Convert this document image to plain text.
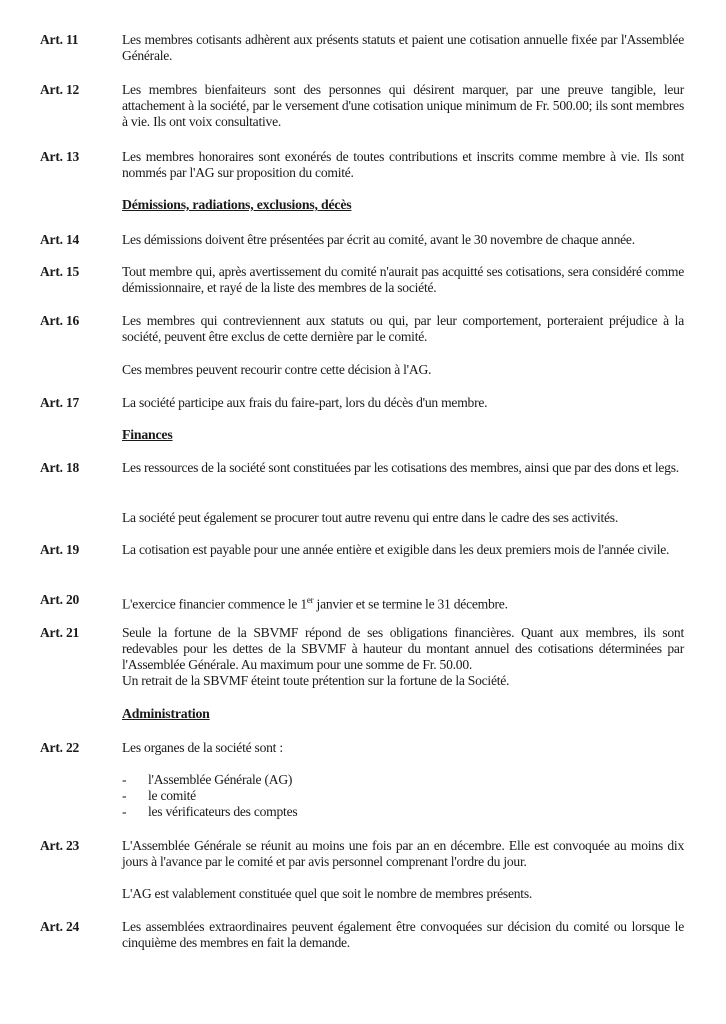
Art. 11	Les membres cotisants adhèrent aux présents statuts et paient une cotisation annuelle fixée par l'Assemblée Générale.
Art. 12	Les membres bienfaiteurs sont des personnes qui désirent marquer, par une preuve tangible, leur attachement à la société, par le versement d'une cotisation unique minimum de Fr. 500.00; ils sont membres à vie. Ils ont voix consultative.
Art. 13	Les membres honoraires sont exonérés de toutes contributions et inscrits comme membre à vie. Ils sont nommés par l'AG sur proposition du comité.
Démissions, radiations, exclusions, décès
Art. 14	Les démissions doivent être présentées par écrit au comité, avant le 30 novembre de chaque année.
Art. 15	Tout membre qui, après avertissement du comité n'aurait pas acquitté ses cotisations, sera considéré comme démissionnaire, et rayé de la liste des membres de la société.
Art. 16	Les membres qui contreviennent aux statuts ou qui, par leur comportement, porteraient préjudice à la société, peuvent être exclus de cette dernière par le comité.
Ces membres peuvent recourir contre cette décision à l'AG.
Art. 17	La société participe aux frais du faire-part, lors du décès d'un membre.
Finances
Art. 18	Les ressources de la société sont constituées par les cotisations des membres, ainsi que par des dons et legs.
La société peut également se procurer tout autre revenu qui entre dans le cadre des ses activités.
Art. 19	La cotisation est payable pour une année entière et exigible dans les deux premiers mois de l'année civile.
Art. 20	L'exercice financier commence le 1er janvier et se termine le 31 décembre.
Art. 21	Seule la fortune de la SBVMF répond de ses obligations financières. Quant aux membres, ils sont redevables pour les dettes de la SBVMF à hauteur du montant annuel des cotisations déterminées par l'Assemblée Générale. Au maximum pour une somme de Fr. 50.00.
Un retrait de la SBVMF éteint toute prétention sur la fortune de la Société.
Administration
Art. 22	Les organes de la société sont :
-	l'Assemblée Générale (AG)
-	le comité
-	les vérificateurs des comptes
Art. 23	L'Assemblée Générale se réunit au moins une fois par an en décembre. Elle est convoquée au moins dix jours à l'avance par le comité et par avis personnel comprenant l'ordre du jour.
L'AG est valablement constituée quel que soit le nombre de membres présents.
Art. 24	Les assemblées extraordinaires peuvent également être convoquées sur décision du comité ou lorsque le cinquième des membres en fait la demande.
